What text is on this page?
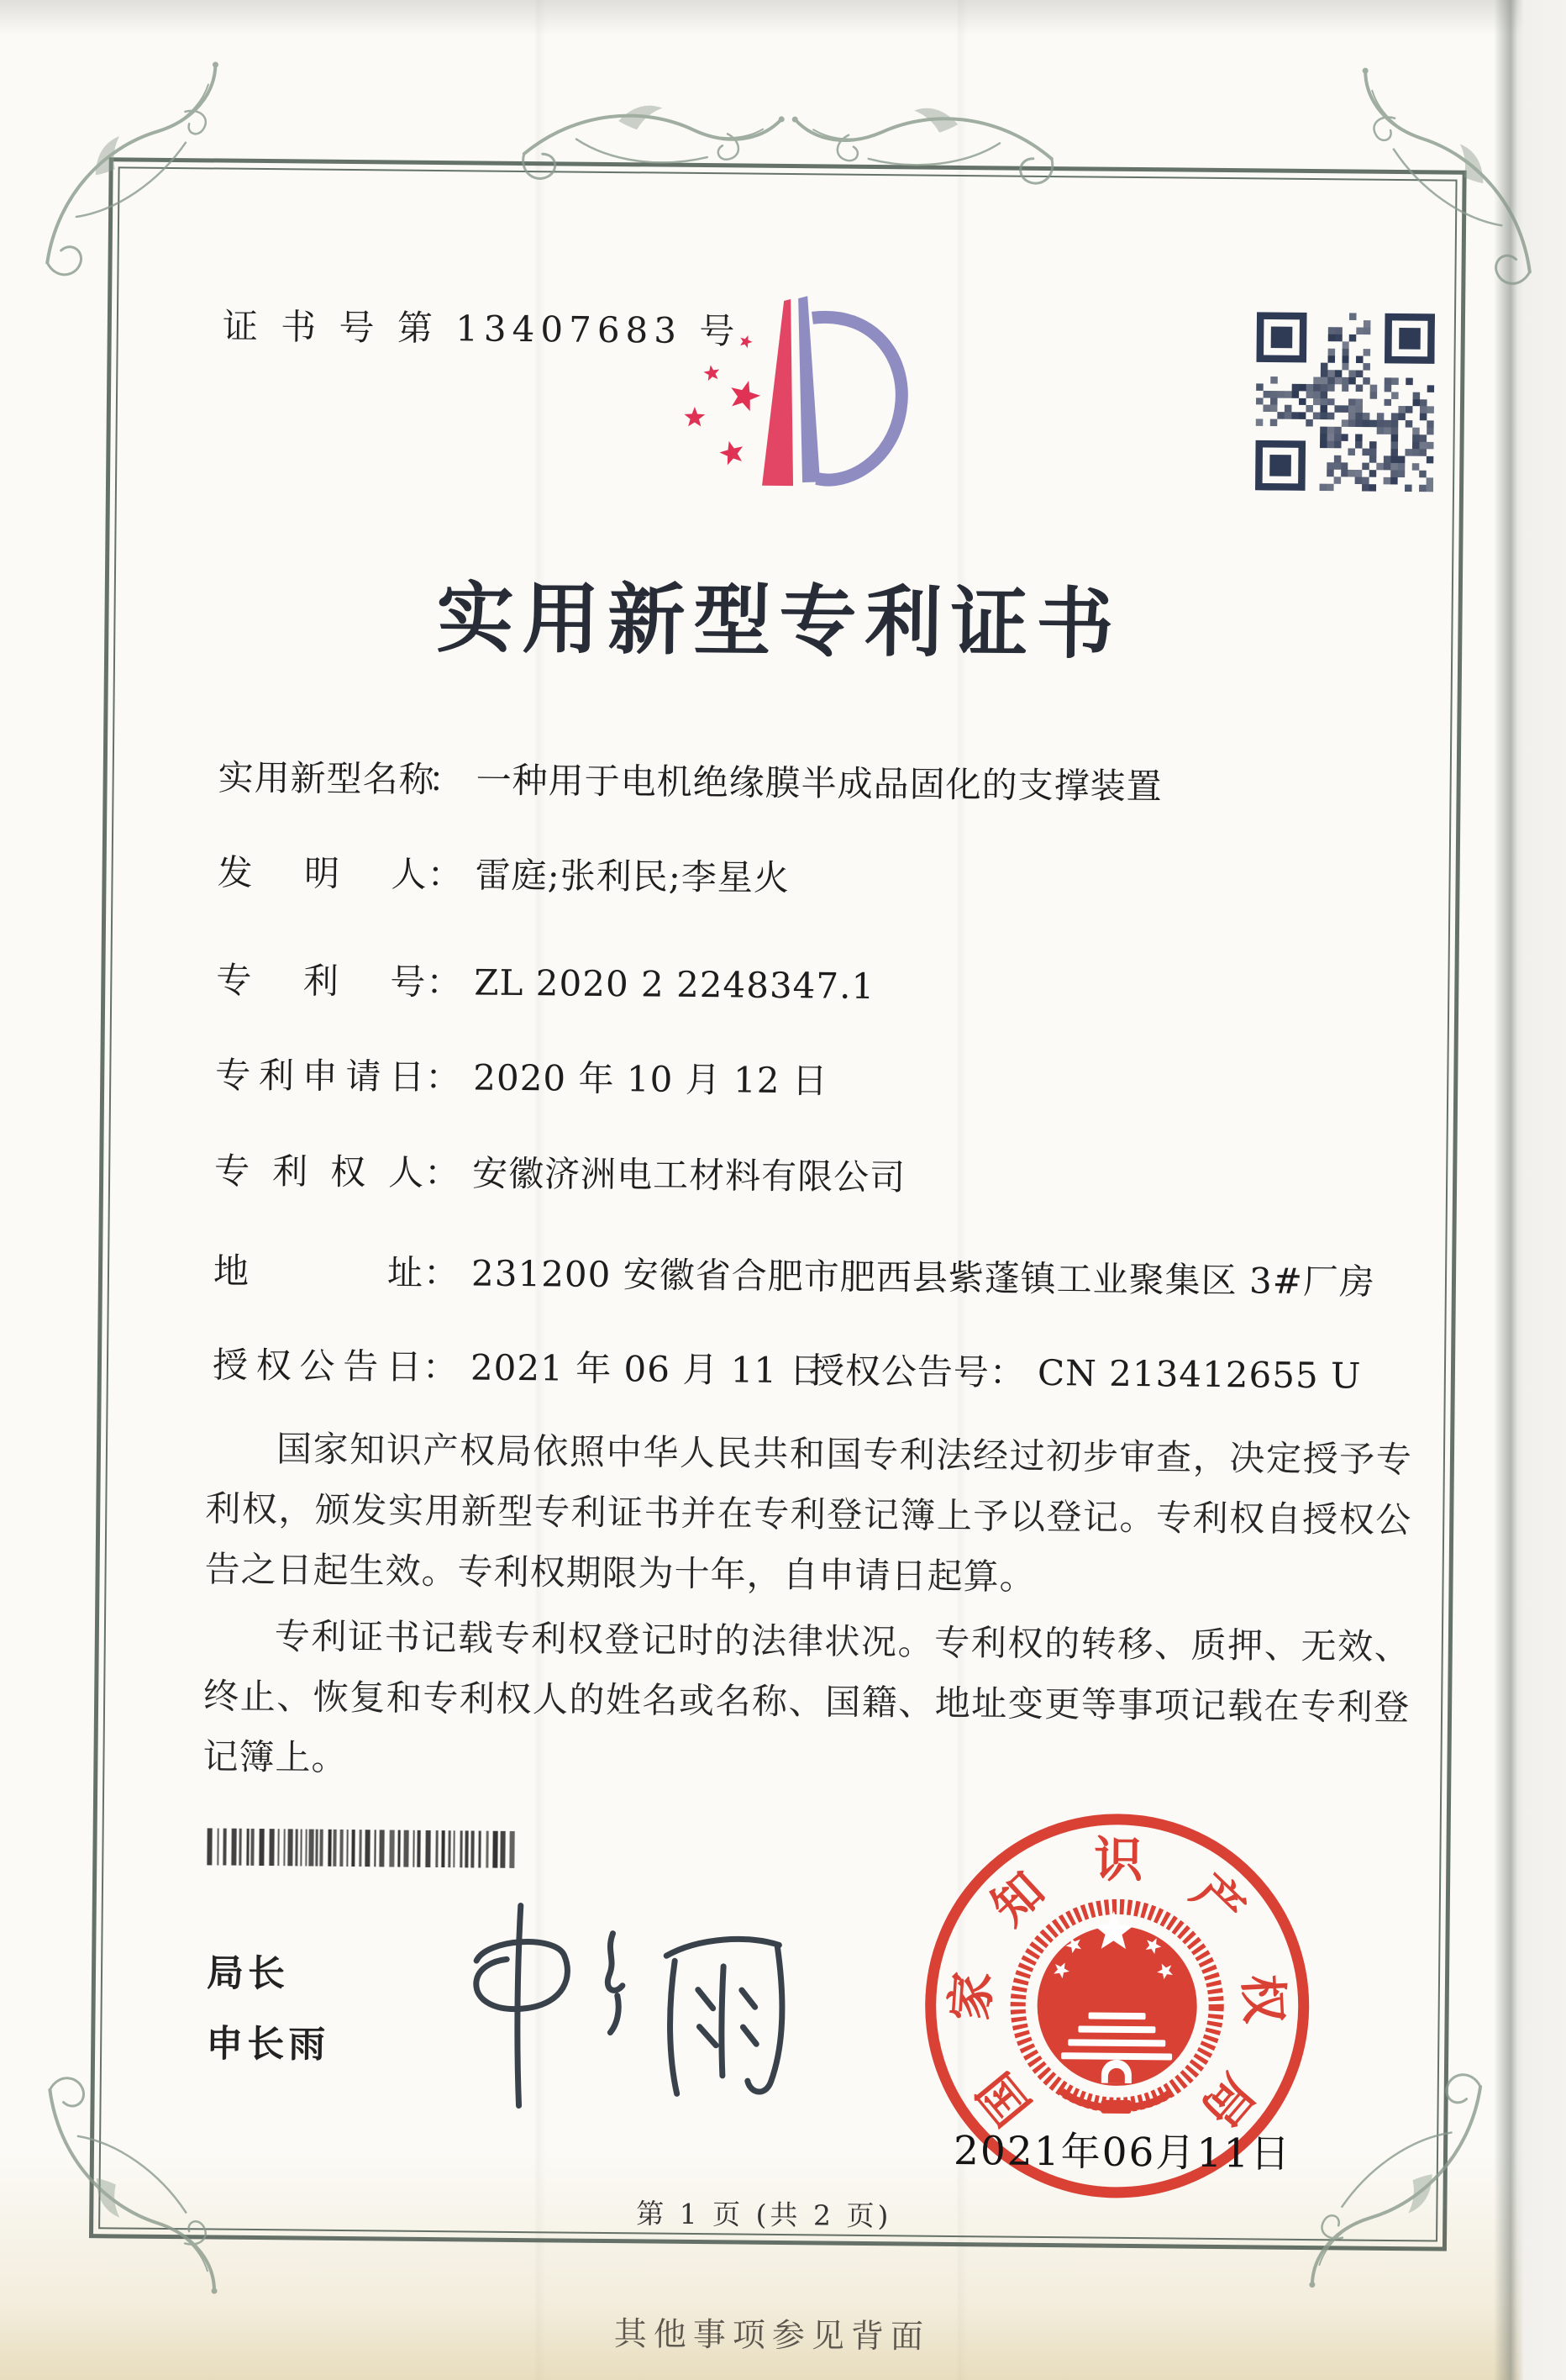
证 书 号 第 13407683 号
实用新型专利证书
实用新型名称： 一种用于电机绝缘膜半成品固化的支撑装置
发明人： 雷庭;张利民;李星火
专利号： ZL 2020 2 2248347.1
专利申请日： 2020 年 10 月 12 日
专利权人： 安徽济洲电工材料有限公司
地址： 231200 安徽省合肥市肥西县紫蓬镇工业聚集区 3#厂房
授权公告日： 2021 年 06 月 11 日
授权公告号： CN 213412655 U

国家知识产权局依照中华人民共和国专利法经过初步审查，决定授予专利权，颁发实用新型专利证书并在专利登记簿上予以登记。专利权自授权公告之日起生效。专利权期限为十年，自申请日起算。

专利证书记载专利权登记时的法律状况。专利权的转移、质押、无效、终止、恢复和专利权人的姓名或名称、国籍、地址变更等事项记载在专利登记簿上。

局长
申长雨
国
家
知
识
产
权
局
2021年06月11日
第 1 页 (共 2 页)
其他事项参见背面
